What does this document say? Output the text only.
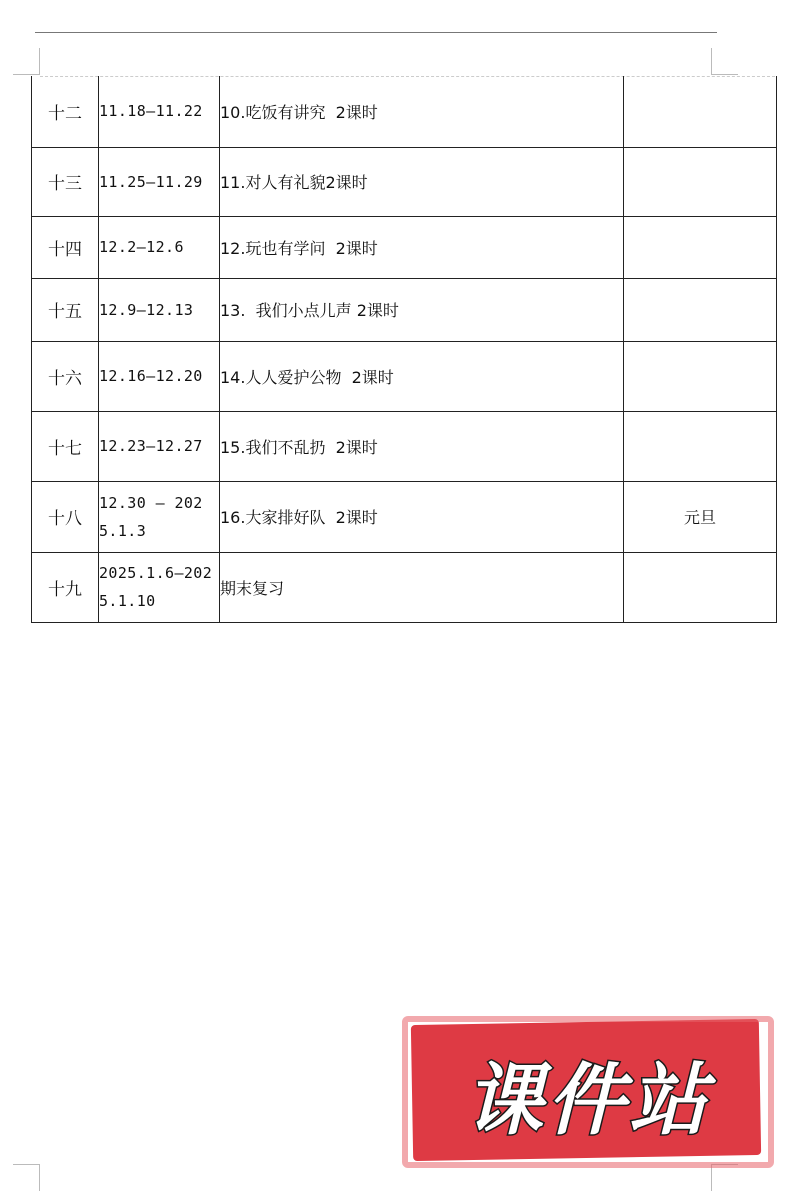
十二	11.18—11.22	10.吃饭有讲究  2课时	
十三	11.25—11.29	11.对人有礼貌2课时	
十四	12.2—12.6	12.玩也有学问  2课时	
十五	12.9—12.13	13.  我们小点儿声 2课时	
十六	12.16—12.20	14.人人爱护公物  2课时	
十七	12.23—12.27	15.我们不乱扔  2课时	
十八	12.30 — 2025.1.3	16.大家排好队  2课时	元旦
十九	2025.1.6—2025.1.10	期末复习	
课件站
